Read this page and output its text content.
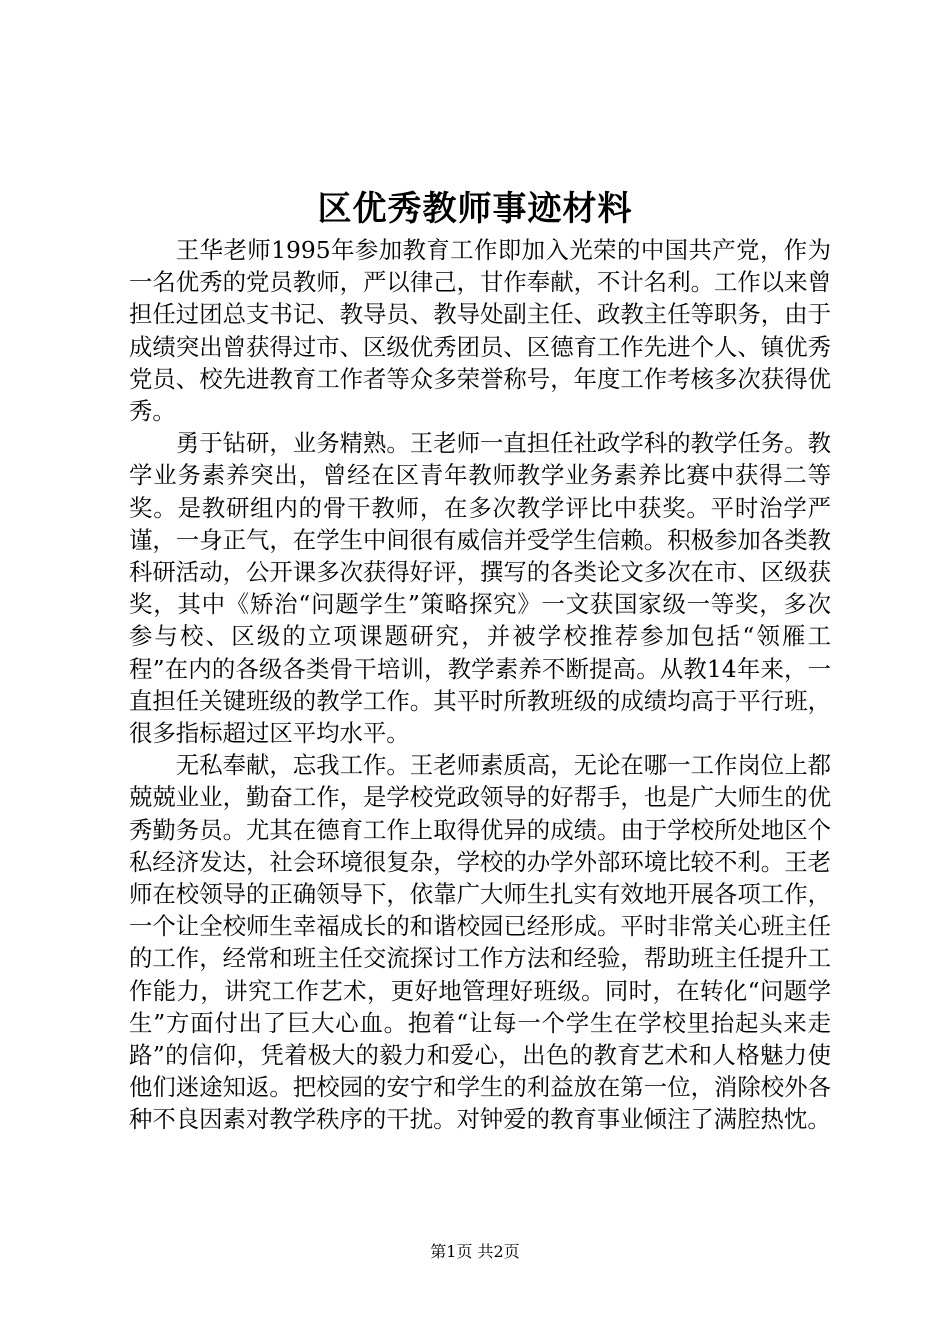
区优秀教师事迹材料

王华老师1995年参加教育工作即加入光荣的中国共产党，作为一名优秀的党员教师，严以律己，甘作奉献，不计名利。工作以来曾担任过团总支书记、教导员、教导处副主任、政教主任等职务，由于成绩突出曾获得过市、区级优秀团员、区德育工作先进个人、镇优秀党员、校先进教育工作者等众多荣誉称号，年度工作考核多次获得优秀。

勇于钻研，业务精熟。王老师一直担任社政学科的教学任务。教学业务素养突出，曾经在区青年教师教学业务素养比赛中获得二等奖。是教研组内的骨干教师，在多次教学评比中获奖。平时治学严谨，一身正气，在学生中间很有威信并受学生信赖。积极参加各类教科研活动，公开课多次获得好评，撰写的各类论文多次在市、区级获奖，其中《矫治“问题学生”策略探究》一文获国家级一等奖，多次参与校、区级的立项课题研究，并被学校推荐参加包括“领雁工程”在内的各级各类骨干培训，教学素养不断提高。从教14年来，一直担任关键班级的教学工作。其平时所教班级的成绩均高于平行班，很多指标超过区平均水平。

无私奉献，忘我工作。王老师素质高，无论在哪一工作岗位上都兢兢业业，勤奋工作，是学校党政领导的好帮手，也是广大师生的优秀勤务员。尤其在德育工作上取得优异的成绩。由于学校所处地区个私经济发达，社会环境很复杂，学校的办学外部环境比较不利。王老师在校领导的正确领导下，依靠广大师生扎实有效地开展各项工作，一个让全校师生幸福成长的和谐校园已经形成。平时非常关心班主任的工作，经常和班主任交流探讨工作方法和经验，帮助班主任提升工作能力，讲究工作艺术，更好地管理好班级。同时，在转化“问题学生”方面付出了巨大心血。抱着“让每一个学生在学校里抬起头来走路”的信仰，凭着极大的毅力和爱心，出色的教育艺术和人格魅力使他们迷途知返。把校园的安宁和学生的利益放在第一位，消除校外各种不良因素对教学秩序的干扰。对钟爱的教育事业倾注了满腔热忱。

第1页 共2页
